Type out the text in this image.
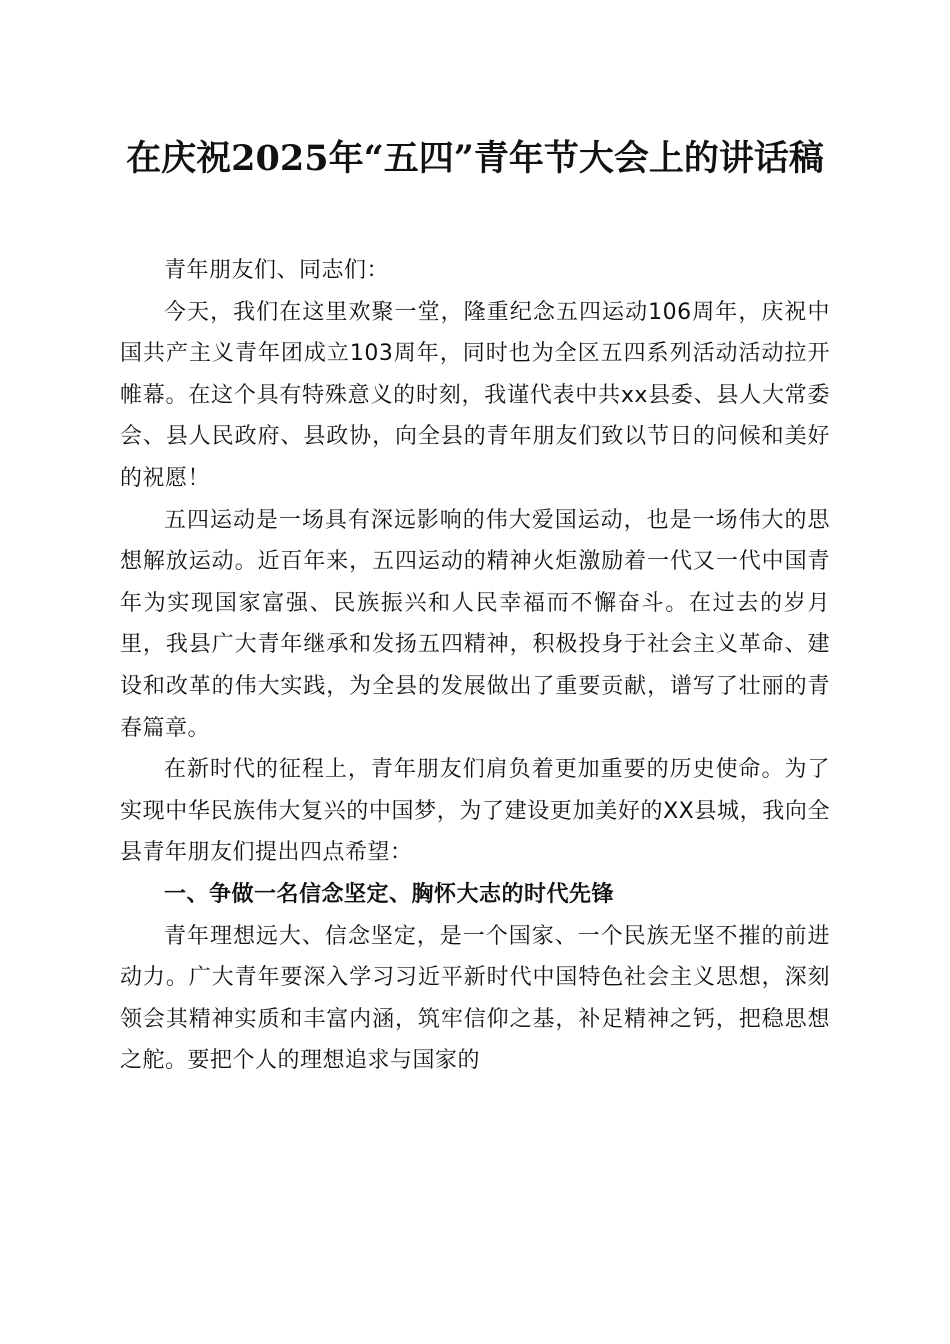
在庆祝2025年“五四”青年节大会上的讲话稿

青年朋友们、同志们：

今天，我们在这里欢聚一堂，隆重纪念五四运动106周年，庆祝中国共产主义青年团成立103周年，同时也为全区五四系列活动活动拉开帷幕。在这个具有特殊意义的时刻，我谨代表中共xx县委、县人大常委会、县人民政府、县政协，向全县的青年朋友们致以节日的问候和美好的祝愿！

五四运动是一场具有深远影响的伟大爱国运动，也是一场伟大的思想解放运动。近百年来，五四运动的精神火炬激励着一代又一代中国青年为实现国家富强、民族振兴和人民幸福而不懈奋斗。在过去的岁月里，我县广大青年继承和发扬五四精神，积极投身于社会主义革命、建设和改革的伟大实践，为全县的发展做出了重要贡献，谱写了壮丽的青春篇章。

在新时代的征程上，青年朋友们肩负着更加重要的历史使命。为了实现中华民族伟大复兴的中国梦，为了建设更加美好的XX县城，我向全县青年朋友们提出四点希望：

一、争做一名信念坚定、胸怀大志的时代先锋

青年理想远大、信念坚定，是一个国家、一个民族无坚不摧的前进动力。广大青年要深入学习习近平新时代中国特色社会主义思想，深刻领会其精神实质和丰富内涵，筑牢信仰之基，补足精神之钙，把稳思想之舵。要把个人的理想追求与国家的
